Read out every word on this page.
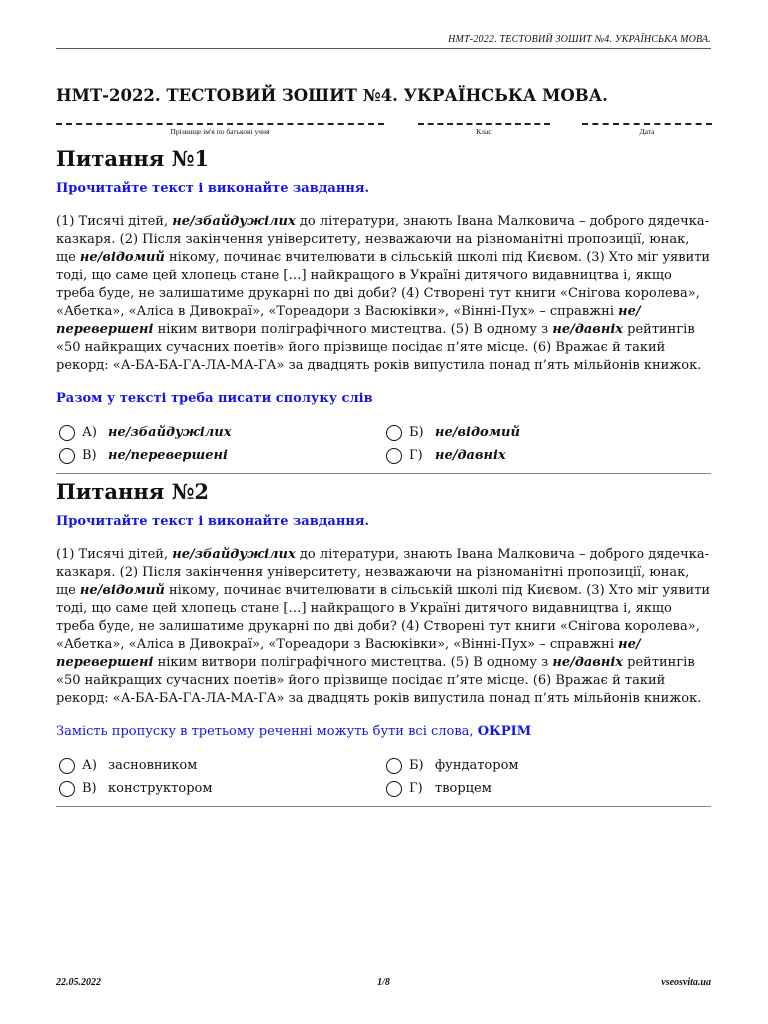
НМТ-2022. ТЕСТОВИЙ ЗОШИТ №4. УКРАЇНСЬКА МОВА.
НМТ-2022. ТЕСТОВИЙ ЗОШИТ №4. УКРАЇНСЬКА МОВА.
Прізвище ім'я по батькові учня	Клас	Дата
Питання №1

Прочитайте текст і виконайте завдання.

(1) Тисячі дітей, не/збайдужілих до літератури, знають Івана Малковича – доброго дядечка-казкаря. (2) Після закінчення університету, незважаючи на різноманітні пропозиції, юнак, ще не/відомий нікому, починає вчителювати в сільській школі під Києвом. (3) Хто міг уявити тоді, що саме цей хлопець стане […] найкращого в Україні дитячого видавництва і, якщо треба буде, не залишатиме друкарні по дві доби? (4) Створені тут книги «Снігова королева», «Абетка», «Аліса в Дивокраї», «Тореадори з Васюківки», «Вінні-Пух» – справжні не/перевершені ніким витвори поліграфічного мистецтва. (5) В одному з не/давніх рейтингів «50 найкращих сучасних поетів» його прізвище посідає п’яте місце. (6) Вражає й такий рекорд: «А-БА-БА-ГА-ЛА-МА-ГА» за двадцять років випустила понад п’ять мільйонів книжок.

Разом у тексті треба писати сполуку слів

А) не/збайдужілих	Б) не/відомий
В) не/перевершені	Г) не/давніх
Питання №2

Прочитайте текст і виконайте завдання.

(1) Тисячі дітей, не/збайдужілих до літератури, знають Івана Малковича – доброго дядечка-казкаря. (2) Після закінчення університету, незважаючи на різноманітні пропозиції, юнак, ще не/відомий нікому, починає вчителювати в сільській школі під Києвом. (3) Хто міг уявити тоді, що саме цей хлопець стане […] найкращого в Україні дитячого видавництва і, якщо треба буде, не залишатиме друкарні по дві доби? (4) Створені тут книги «Снігова королева», «Абетка», «Аліса в Дивокраї», «Тореадори з Васюківки», «Вінні-Пух» – справжні не/перевершені ніким витвори поліграфічного мистецтва. (5) В одному з не/давніх рейтингів «50 найкращих сучасних поетів» його прізвище посідає п’яте місце. (6) Вражає й такий рекорд: «А-БА-БА-ГА-ЛА-МА-ГА» за двадцять років випустила понад п’ять мільйонів книжок.

Замість пропуску в третьому реченні можуть бути всі слова, ОКРІМ

А) засновником	Б) фундатором
В) конструктором	Г) творцем
22.05.2022	1/8	vseosvita.ua
